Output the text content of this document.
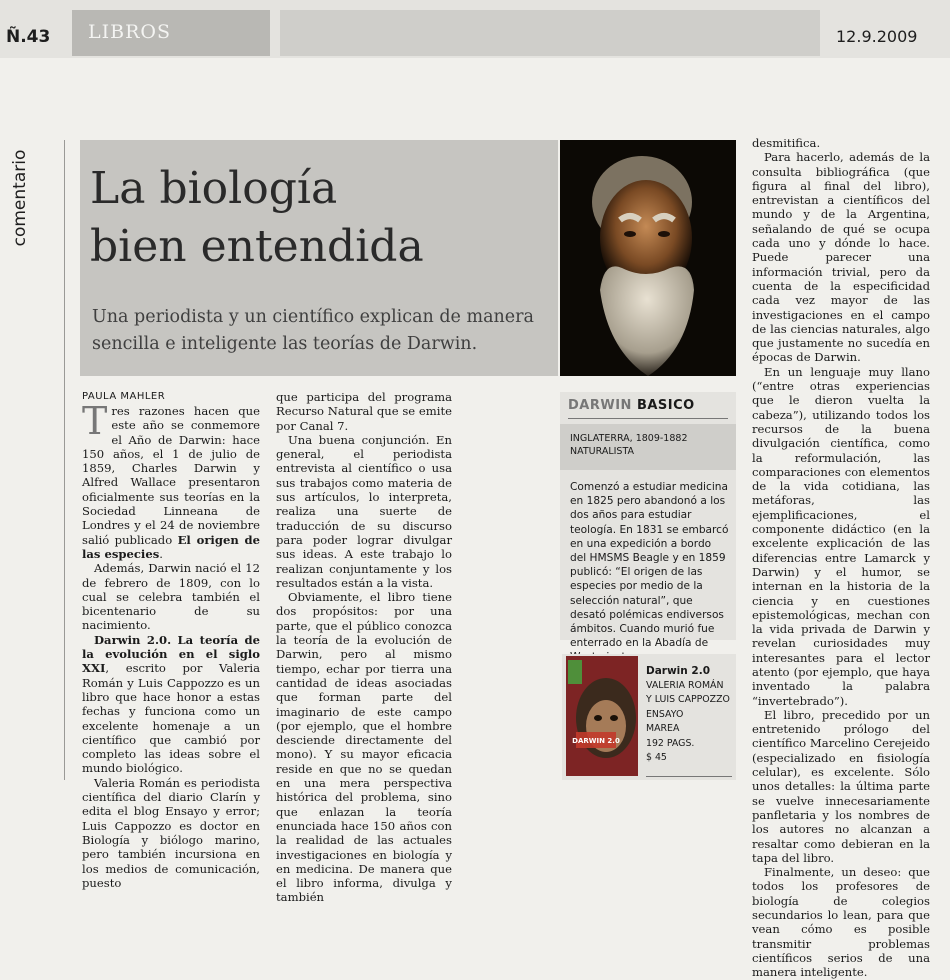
Ñ.43 LIBROS	12.9.2009
comentario La biología
bien entendida

Una periodista y un científico explican de manera sencilla e inteligente las teorías de Darwin.

PAULA MAHLER

Tres razones hacen que este año se conmemore el Año de Darwin: hace 150 años, el 1 de julio de 1859, Charles Darwin y Alfred Wallace presentaron oficialmente sus teorías en la Sociedad Linneana de Londres y el 24 de noviembre salió publicado El origen de las especies.

Además, Darwin nació el 12 de febrero de 1809, con lo cual se celebra también el bicentenario de su nacimiento.

Darwin 2.0. La teoría de la evolución en el siglo XXI, escrito por Valeria Román y Luis Cappozzo es un libro que hace honor a estas fechas y funciona como un excelente homenaje a un científico que cambió por completo las ideas sobre el mundo biológico.

Valeria Román es periodista científica del diario Clarín y edita el blog Ensayo y error; Luis Cappozzo es doctor en Biología y biólogo marino, pero también incursiona en los medios de comunicación, puesto

que participa del programa Recurso Natural que se emite por Canal 7.

Una buena conjunción. En general, el periodista entrevista al científico o usa sus trabajos como materia de sus artículos, lo interpreta, realiza una suerte de traducción de su discurso para poder lograr divulgar sus ideas. A este trabajo lo realizan conjuntamente y los resultados están a la vista.

Obviamente, el libro tiene dos propósitos: por una parte, que el público conozca la teoría de la evolución de Darwin, pero al mismo tiempo, echar por tierra una cantidad de ideas asociadas que forman parte del imaginario de este campo (por ejemplo, que el hombre desciende directamente del mono). Y su mayor eficacia reside en que no se quedan en una mera perspectiva histórica del problema, sino que enlazan la teoría enunciada hace 150 años con la realidad de las actuales investigaciones en biología y en medicina. De manera que el libro informa, divulga y también

desmitifica.

Para hacerlo, además de la consulta bibliográfica (que figura al final del libro), entrevistan a científicos del mundo y de la Argentina, señalando de qué se ocupa cada uno y dónde lo hace. Puede parecer una información trivial, pero da cuenta de la especificidad cada vez mayor de las investigaciones en el campo de las ciencias naturales, algo que justamente no sucedía en épocas de Darwin.

En un lenguaje muy llano (“entre otras experiencias que le dieron vuelta la cabeza”), utilizando todos los recursos de la buena divulgación científica, como la reformulación, las comparaciones con elementos de la vida cotidiana, las metáforas, las ejemplificaciones, el componente didáctico (en la excelente explicación de las diferencias entre Lamarck y Darwin) y el humor, se internan en la historia de la ciencia y en cuestiones epistemológicas, mechan con la vida privada de Darwin y revelan curiosidades muy interesantes para el lector atento (por ejemplo, que haya inventado la palabra “invertebrado”).

El libro, precedido por un entretenido prólogo del científico Marcelino Cerejeido (especializado en fisiología celular), es excelente. Sólo unos detalles: la última parte se vuelve innecesariamente panfletaria y los nombres de los autores no alcanzan a resaltar como debieran en la tapa del libro.

Finalmente, un deseo: que todos los profesores de biología de colegios secundarios lo lean, para que vean cómo es posible transmitir problemas científicos serios de una manera inteligente.

DARWIN BASICO
INGLATERRA, 1809-1882
NATURALISTA

Comenzó a estudiar medicina en 1825 pero abandonó a los dos años para estudiar teología. En 1831 se embarcó en una expedición a bordo del HMSMS Beagle y en 1859 publicó: “El origen de las especies por medio de la selección natural”, que desató polémicas endiversos ámbitos. Cuando murió fue enterrado en la Abadía de

DARWIN 2.0
Darwin 2.0
VALERIA ROMÁN
Y LUIS CAPPOZZO
ENSAYO
MAREA
192 PAGS.
$ 45
